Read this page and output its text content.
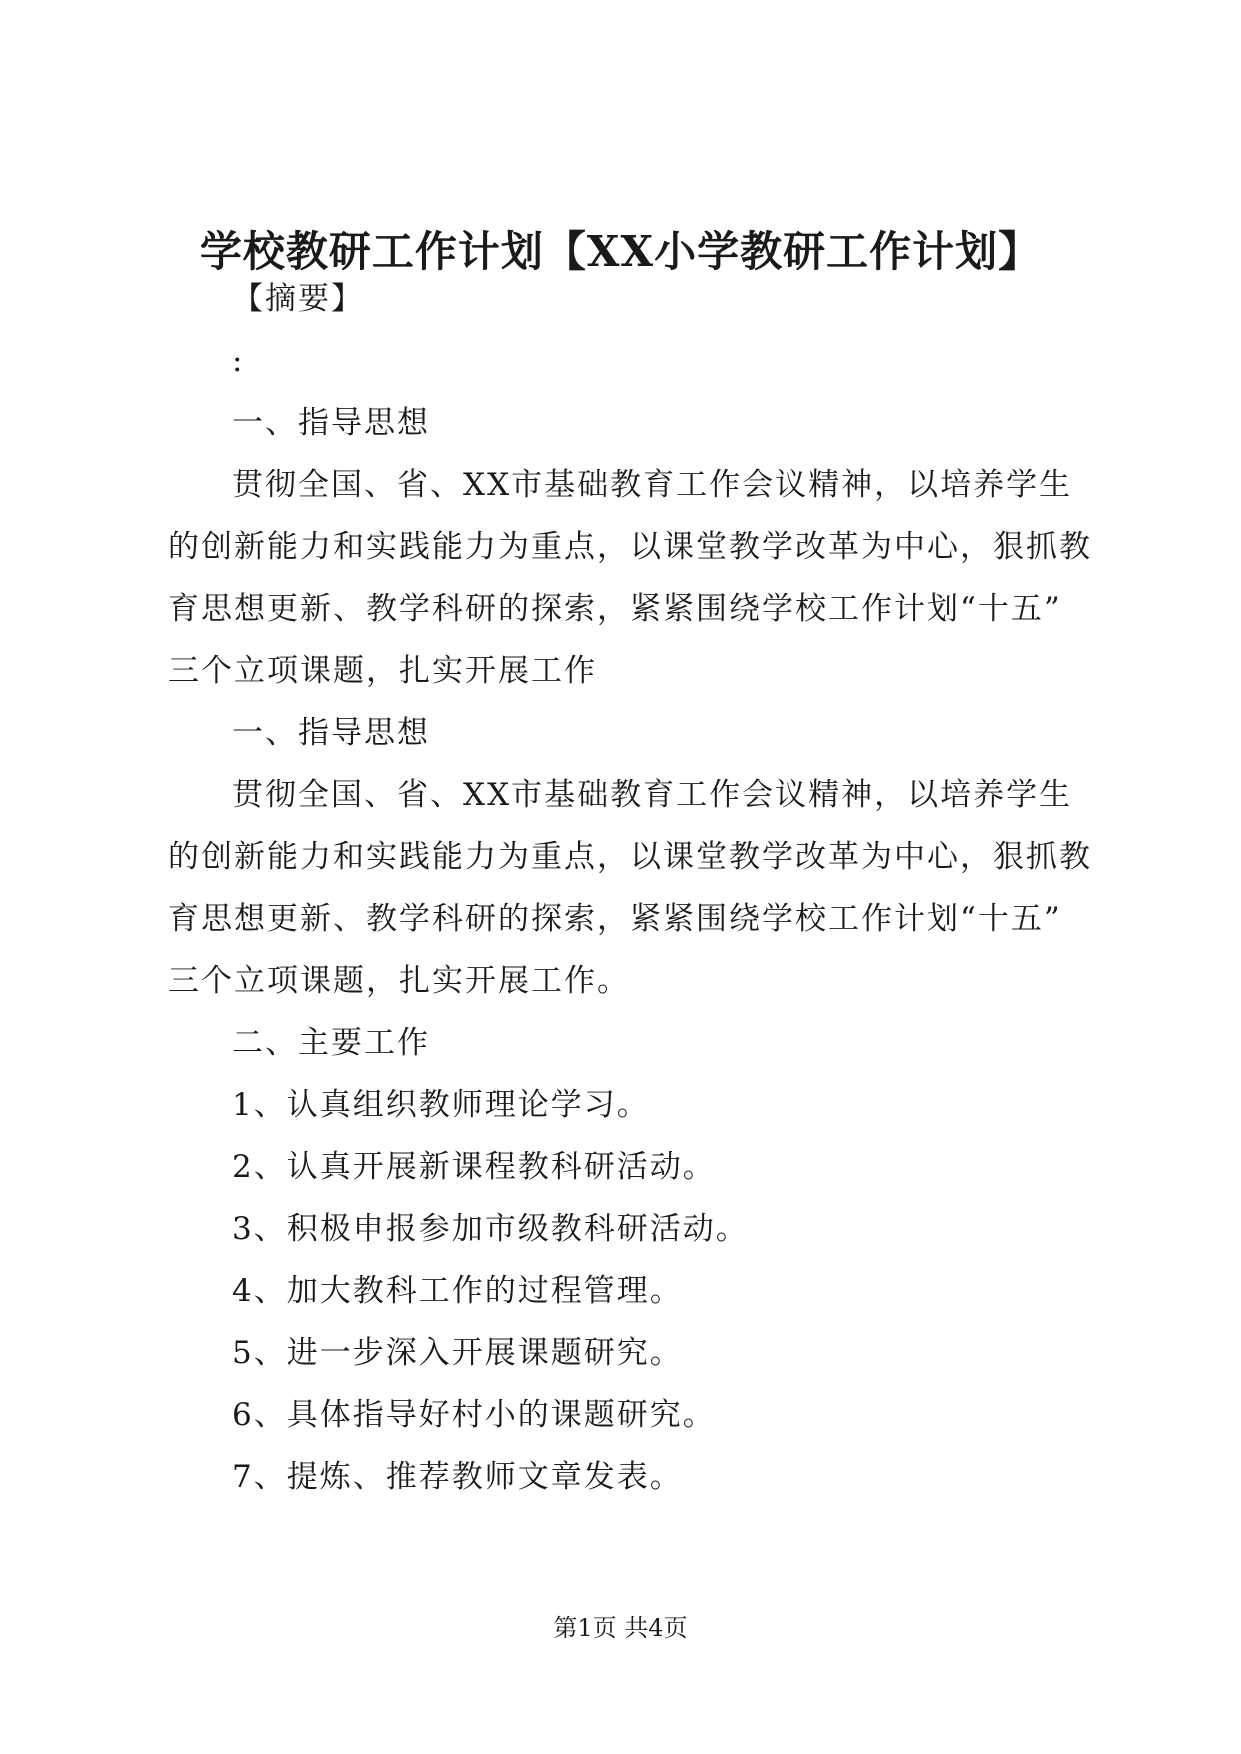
学校教研工作计划【XX小学教研工作计划】

【摘要】

:

一、指导思想

贯彻全国、省、XX市基础教育工作会议精神，以培养学生
的创新能力和实践能力为重点，以课堂教学改革为中心，狠抓教
育思想更新、教学科研的探索，紧紧围绕学校工作计划“十五”
三个立项课题，扎实开展工作

一、指导思想

贯彻全国、省、XX市基础教育工作会议精神，以培养学生
的创新能力和实践能力为重点，以课堂教学改革为中心，狠抓教
育思想更新、教学科研的探索，紧紧围绕学校工作计划“十五”
三个立项课题，扎实开展工作。

二、主要工作

1、认真组织教师理论学习。

2、认真开展新课程教科研活动。

3、积极申报参加市级教科研活动。

4、加大教科工作的过程管理。

5、进一步深入开展课题研究。

6、具体指导好村小的课题研究。

7、提炼、推荐教师文章发表。

第1页 共4页
